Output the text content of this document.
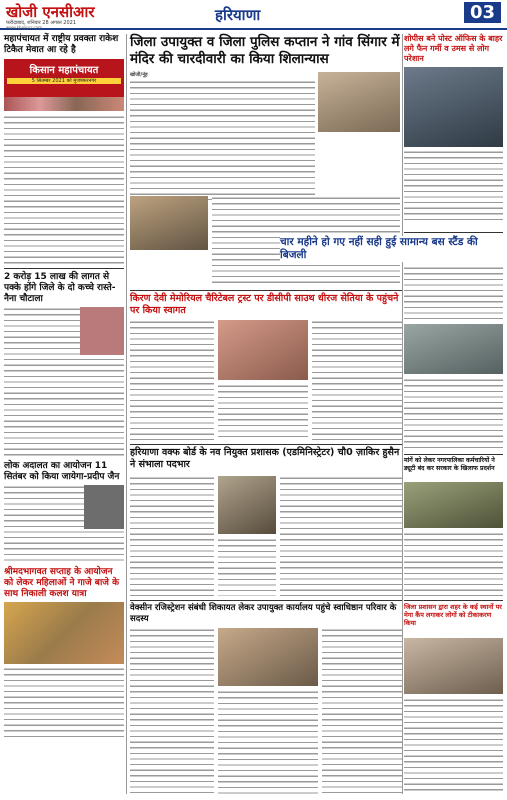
खोजी एनसीआर
फरीदाबाद, शनिवार 28 अगस्त 2021
www.khojincr.com
हरियाणा	03
महापंचायत में राष्ट्रीय प्रवक्ता राकेश टिकैत मेवात आ रहे है
किसान महापंचायत
5 सितम्बर 2021 को मुजफ्फरनगर
2 करोड़ 15 लाख की लागत से पक्के होंगे जिले के दो कच्चे रास्ते-नैना चौटाला
लोक अदालत का आयोजन 11 सितंबर को किया जायेगा-प्रदीप जैन
श्रीमदभागवत सप्ताह के आयोजन को लेकर महिलाओं ने गाजे बाजे के साथ निकाली कलश यात्रा
जिला उपायुक्त व जिला पुलिस कप्तान ने गांव सिंगार में मंदिर की चारदीवारी का किया शिलान्यास
खोजी/नूंह
किरण देवी मेमोरियल चैरिटेबल ट्रस्ट पर डीसीपी साउथ धीरज सेतिया के पहुंचने पर किया स्वागत
हरियाणा वक्फ बोर्ड के नव नियुक्त प्रशासक (एडमिनिस्ट्रेटर) चौ0 ज़ाकिर हुसैन ने संभाला पदभार
वेक्सीन रजिस्ट्रेशन संबंधी शिकायत लेकर उपायुक्त कार्यालय पहुंचे स्वाधिष्ठान परिवार के सदस्य
शोपीस बने पोस्ट ऑफिस के बाहर लगे फैन गर्मी व उमस से लोग परेशान
चार महीने हो गए नहीं सही हुई सामान्य बस स्टैंड की बिजली
मांगें को लेकर नगरपालिका कर्मचारियों ने ड्यूटी बंद कर सरकार के खिलाफ प्रदर्शन
जिला प्रशासन द्वारा शहर के कई स्थानों पर मेगा कैंप लगाकर लोगों को टीकाकरण किया
